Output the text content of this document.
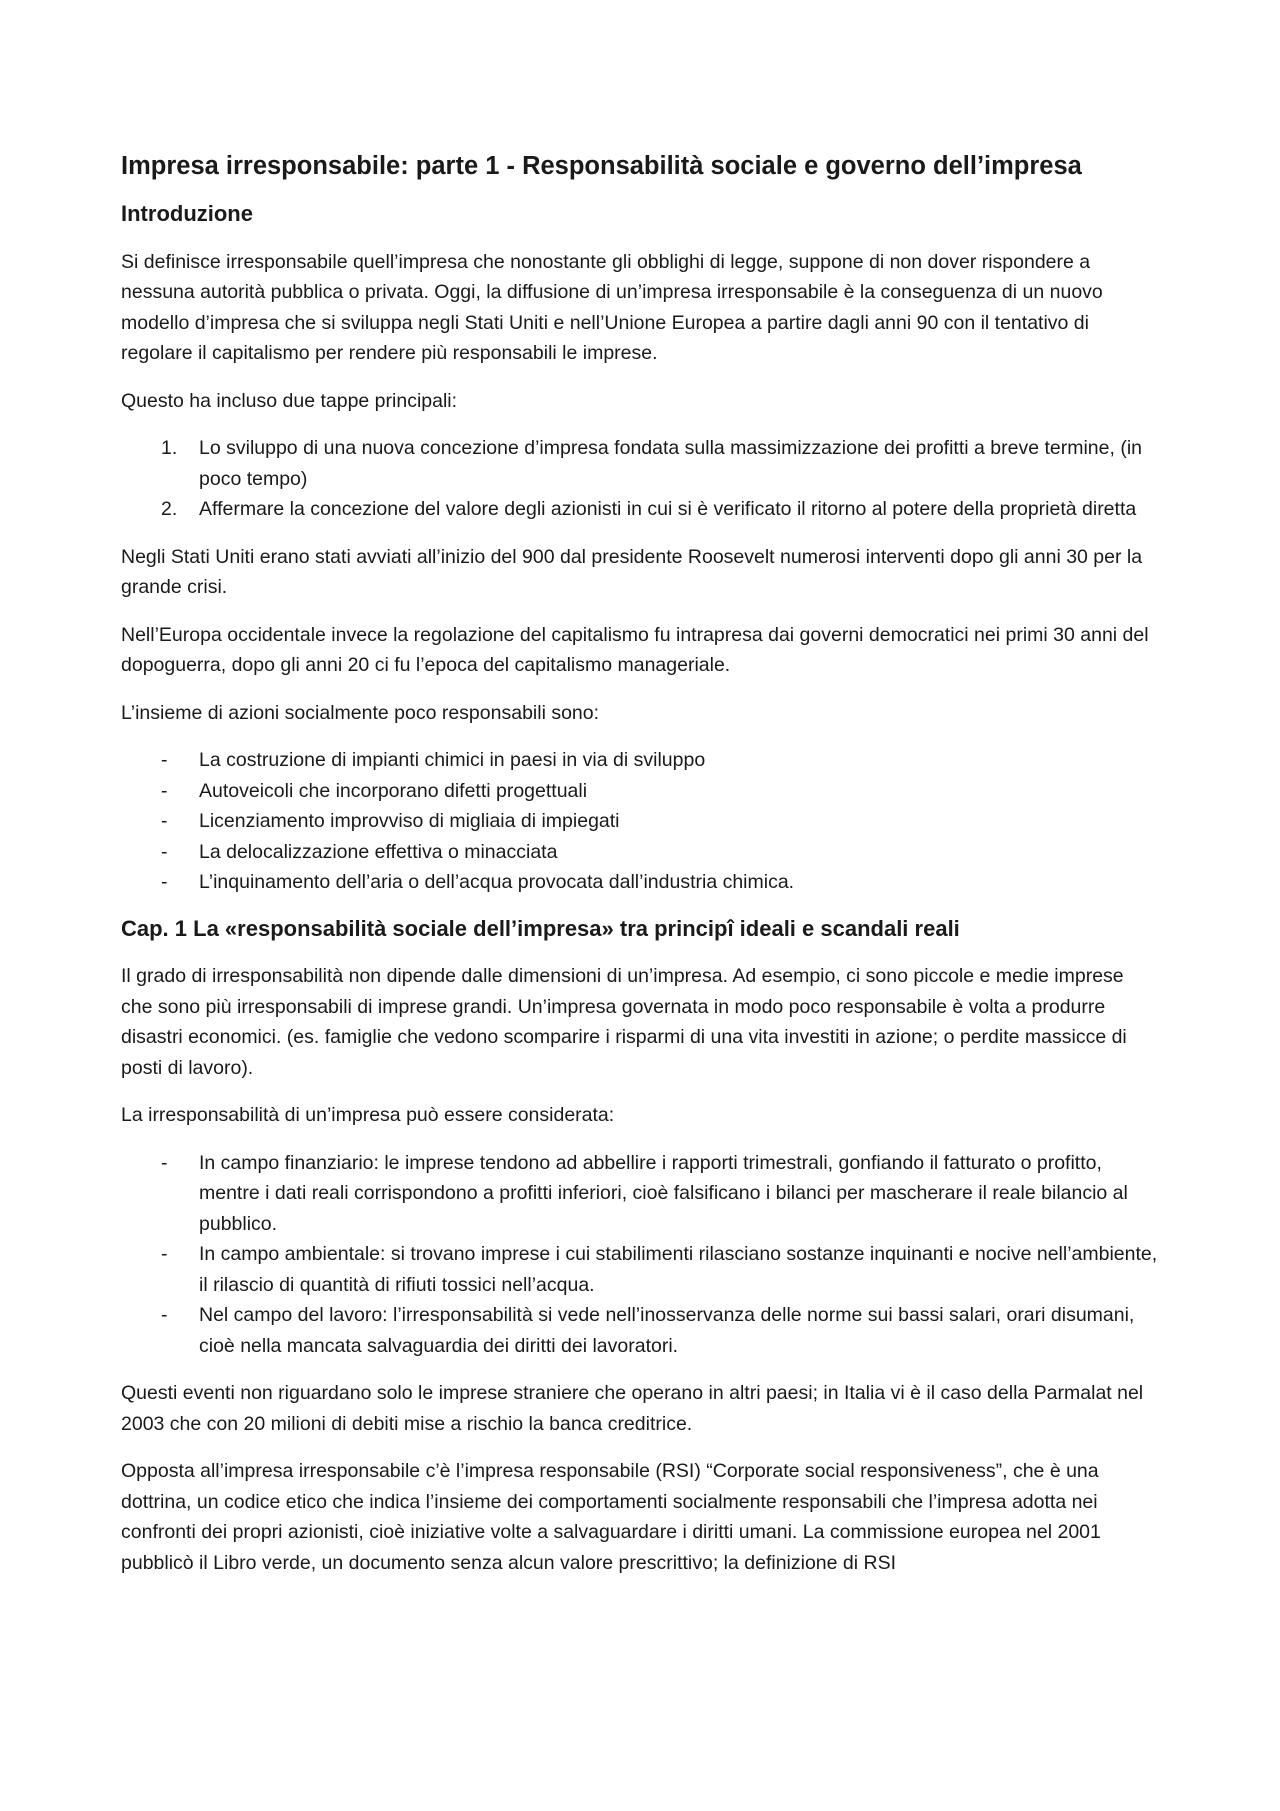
Impresa irresponsabile: parte 1 - Responsabilità sociale e governo dell’impresa
Introduzione

Si definisce irresponsabile quell’impresa che nonostante gli obblighi di legge, suppone di non dover rispondere a nessuna autorità pubblica o privata. Oggi, la diffusione di un’impresa irresponsabile è la conseguenza di un nuovo modello d’impresa che si sviluppa negli Stati Uniti e nell’Unione Europea a partire dagli anni 90 con il tentativo di regolare il capitalismo per rendere più responsabili le imprese.

Questo ha incluso due tappe principali:

1. Lo sviluppo di una nuova concezione d’impresa fondata sulla massimizzazione dei profitti a breve termine, (in poco tempo)
2. Affermare la concezione del valore degli azionisti in cui si è verificato il ritorno al potere della proprietà diretta

Negli Stati Uniti erano stati avviati all’inizio del 900 dal presidente Roosevelt numerosi interventi dopo gli anni 30 per la grande crisi.

Nell’Europa occidentale invece la regolazione del capitalismo fu intrapresa dai governi democratici nei primi 30 anni del dopoguerra, dopo gli anni 20 ci fu l’epoca del capitalismo manageriale.

L’insieme di azioni socialmente poco responsabili sono:

- La costruzione di impianti chimici in paesi in via di sviluppo
- Autoveicoli che incorporano difetti progettuali
- Licenziamento improvviso di migliaia di impiegati
- La delocalizzazione effettiva o minacciata
- L’inquinamento dell’aria o dell’acqua provocata dall’industria chimica.
Cap. 1 La «responsabilità sociale dell’impresa» tra principî ideali e scandali reali

Il grado di irresponsabilità non dipende dalle dimensioni di un’impresa. Ad esempio, ci sono piccole e medie imprese che sono più irresponsabili di imprese grandi. Un’impresa governata in modo poco responsabile è volta a produrre disastri economici. (es. famiglie che vedono scomparire i risparmi di una vita investiti in azione; o perdite massicce di posti di lavoro).

La irresponsabilità di un’impresa può essere considerata:

- In campo finanziario: le imprese tendono ad abbellire i rapporti trimestrali, gonfiando il fatturato o profitto, mentre i dati reali corrispondono a profitti inferiori, cioè falsificano i bilanci per mascherare il reale bilancio al pubblico.
- In campo ambientale: si trovano imprese i cui stabilimenti rilasciano sostanze inquinanti e nocive nell’ambiente, il rilascio di quantità di rifiuti tossici nell’acqua.
- Nel campo del lavoro: l’irresponsabilità si vede nell’inosservanza delle norme sui bassi salari, orari disumani, cioè nella mancata salvaguardia dei diritti dei lavoratori.

Questi eventi non riguardano solo le imprese straniere che operano in altri paesi; in Italia vi è il caso della Parmalat nel 2003 che con 20 milioni di debiti mise a rischio la banca creditrice.

Opposta all’impresa irresponsabile c’è l’impresa responsabile (RSI) “Corporate social responsiveness”, che è una dottrina, un codice etico che indica l’insieme dei comportamenti socialmente responsabili che l’impresa adotta nei confronti dei propri azionisti, cioè iniziative volte a salvaguardare i diritti umani. La commissione europea nel 2001 pubblicò il Libro verde, un documento senza alcun valore prescrittivo; la definizione di RSI
